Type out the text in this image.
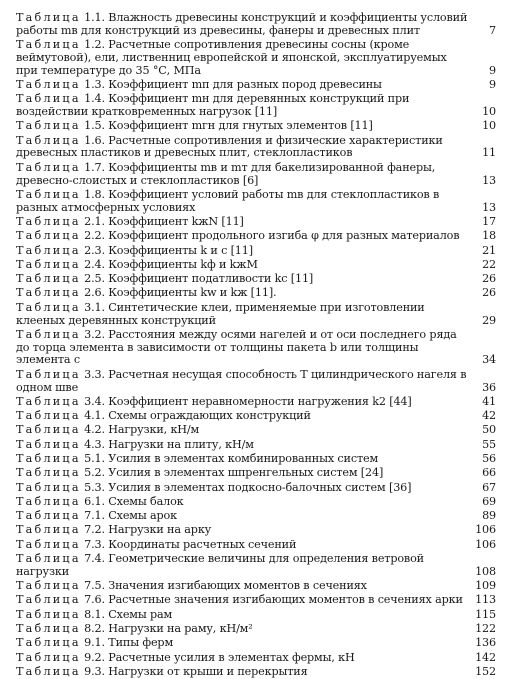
Таблица 1.1. Влажность древесины конструкций и коэффициенты условий работы mв для конструкций из древесины, фанеры и древесных плит	7
Таблица 1.2. Расчетные сопротивления древесины сосны (кроме веймутовой), ели, лиственниц европейской и японской, эксплуатируемых при температуре до 35 °С, МПа	9
Таблица 1.3. Коэффициент mп для разных пород древесины	9
Таблица 1.4. Коэффициент mн для деревянных конструкций при воздействии кратковременных нагрузок [11]	10
Таблица 1.5. Коэффициент mгн для гнутых элементов [11]	10
Таблица 1.6. Расчетные сопротивления и физические характеристики древесных пластиков и древесных плит, стеклопластиков	11
Таблица 1.7. Коэффициенты mв и mт для бакелизированной фанеры, древесно-слоистых и стеклопластиков [6]	13
Таблица 1.8. Коэффициент условий работы mв для стеклопластиков в разных атмосферных условиях	13
Таблица 2.1. Коэффициент kжN [11]	17
Таблица 2.2. Коэффициент продольного изгиба φ для разных материалов	18
Таблица 2.3. Коэффициенты k и c [11]	21
Таблица 2.4. Коэффициенты kф и kжМ	22
Таблица 2.5. Коэффициент податливости kc [11]	26
Таблица 2.6. Коэффициенты kw и kж [11].	26
Таблица 3.1. Синтетические клеи, применяемые при изготовлении клееных деревянных конструкций	29
Таблица 3.2. Расстояния между осями нагелей и от оси последнего ряда до торца элемента в зависимости от толщины пакета b или толщины элемента c	34
Таблица 3.3. Расчетная несущая способность T цилиндрического нагеля в одном шве	36
Таблица 3.4. Коэффициент неравномерности нагружения k2 [44]	41
Таблица 4.1. Схемы ограждающих конструкций	42
Таблица 4.2. Нагрузки, кН/м	50
Таблица 4.3. Нагрузки на плиту, кН/м	55
Таблица 5.1. Усилия в элементах комбинированных систем	56
Таблица 5.2. Усилия в элементах шпренгельных систем [24]	66
Таблица 5.3. Усилия в элементах подкосно-балочных систем [36]	67
Таблица 6.1. Схемы балок	69
Таблица 7.1. Схемы арок	89
Таблица 7.2. Нагрузки на арку	106
Таблица 7.3. Координаты расчетных сечений	106
Таблица 7.4. Геометрические величины для определения ветровой нагрузки	108
Таблица 7.5. Значения изгибающих моментов в сечениях	109
Таблица 7.6. Расчетные значения изгибающих моментов в сечениях арки 113
Таблица 8.1. Схемы рам	115
Таблица 8.2. Нагрузки на раму, кН/м²	122
Таблица 9.1. Типы ферм	136
Таблица 9.2. Расчетные усилия в элементах фермы, кН	142
Таблица 9.3. Нагрузки от крыши и перекрытия	152
